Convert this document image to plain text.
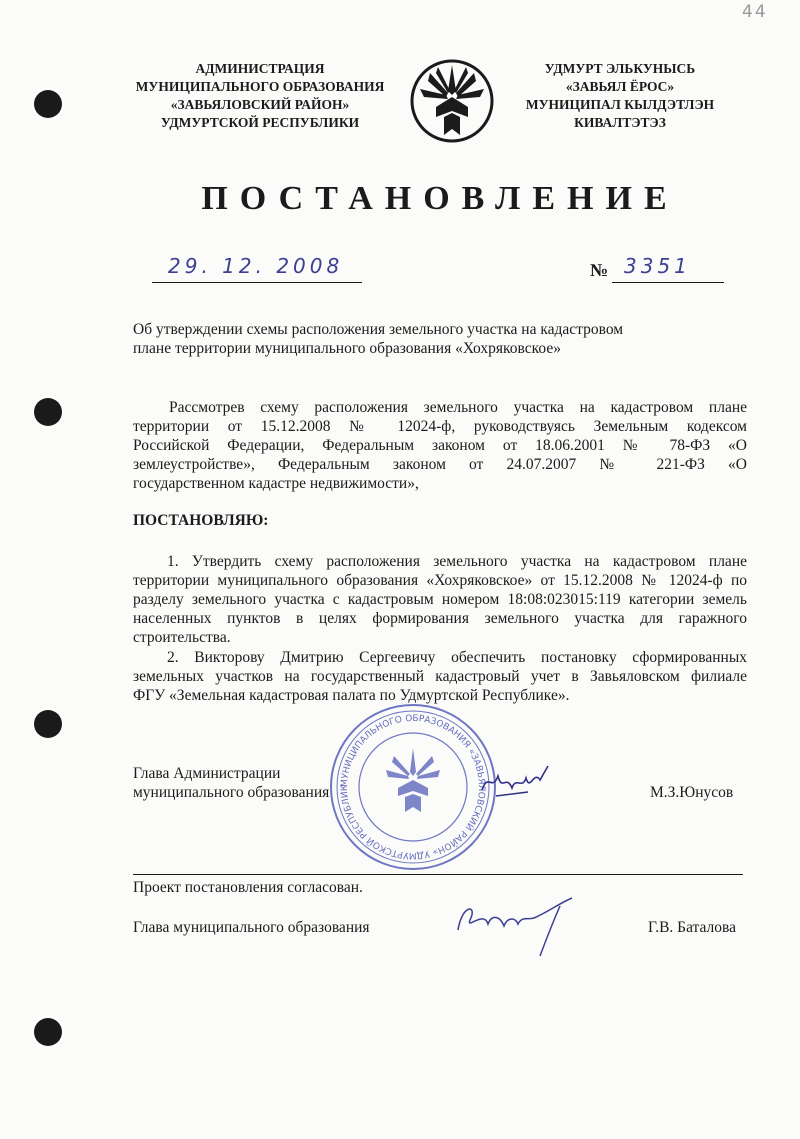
44
АДМИНИСТРАЦИЯ
МУНИЦИПАЛЬНОГО ОБРАЗОВАНИЯ
«ЗАВЬЯЛОВСКИЙ РАЙОН»
УДМУРТСКОЙ РЕСПУБЛИКИ
УДМУРТ ЭЛЬКУНЫСЬ
«ЗАВЬЯЛ ЁРОС»
МУНИЦИПАЛ КЫЛДЭТЛЭН
КИВАЛТЭТЭЗ
ПОСТАНОВЛЕНИЕ
29. 12. 2008	№ 3351
Об утверждении схемы расположения земельного участка на кадастровом
плане территории муниципального образования «Хохряковское»
Рассмотрев схему расположения земельного участка на кадастровом плане
территории от 15.12.2008 № 12024-ф, руководствуясь Земельным кодексом
Российской Федерации, Федеральным законом от 18.06.2001 № 78-ФЗ «О
землеустройстве», Федеральным законом от 24.07.2007 № 221-ФЗ «О
государственном кадастре недвижимости»,
ПОСТАНОВЛЯЮ:
1. Утвердить схему расположения земельного участка на кадастровом плане
территории муниципального образования «Хохряковское» от 15.12.2008 № 12024-ф по
разделу земельного участка с кадастровым номером 18:08:023015:119 категории земель
населенных пунктов в целях формирования земельного участка для гаражного
строительства.
2. Викторову Дмитрию Сергеевичу обеспечить постановку сформированных
земельных участков на государственный кадастровый учет в Завьяловском филиале
ФГУ «Земельная кадастровая палата по Удмуртской Республике».
МУНИЦИПАЛЬНОГО ОБРАЗОВАНИЯ «ЗАВЬЯЛОВСКИЙ РАЙОН» УДМУРТСКОЙ РЕСПУБЛИК
Глава Администрации
муниципального образования	М.З.Юнусов
Проект постановления согласован.
Глава муниципального образования	Г.В. Баталова
